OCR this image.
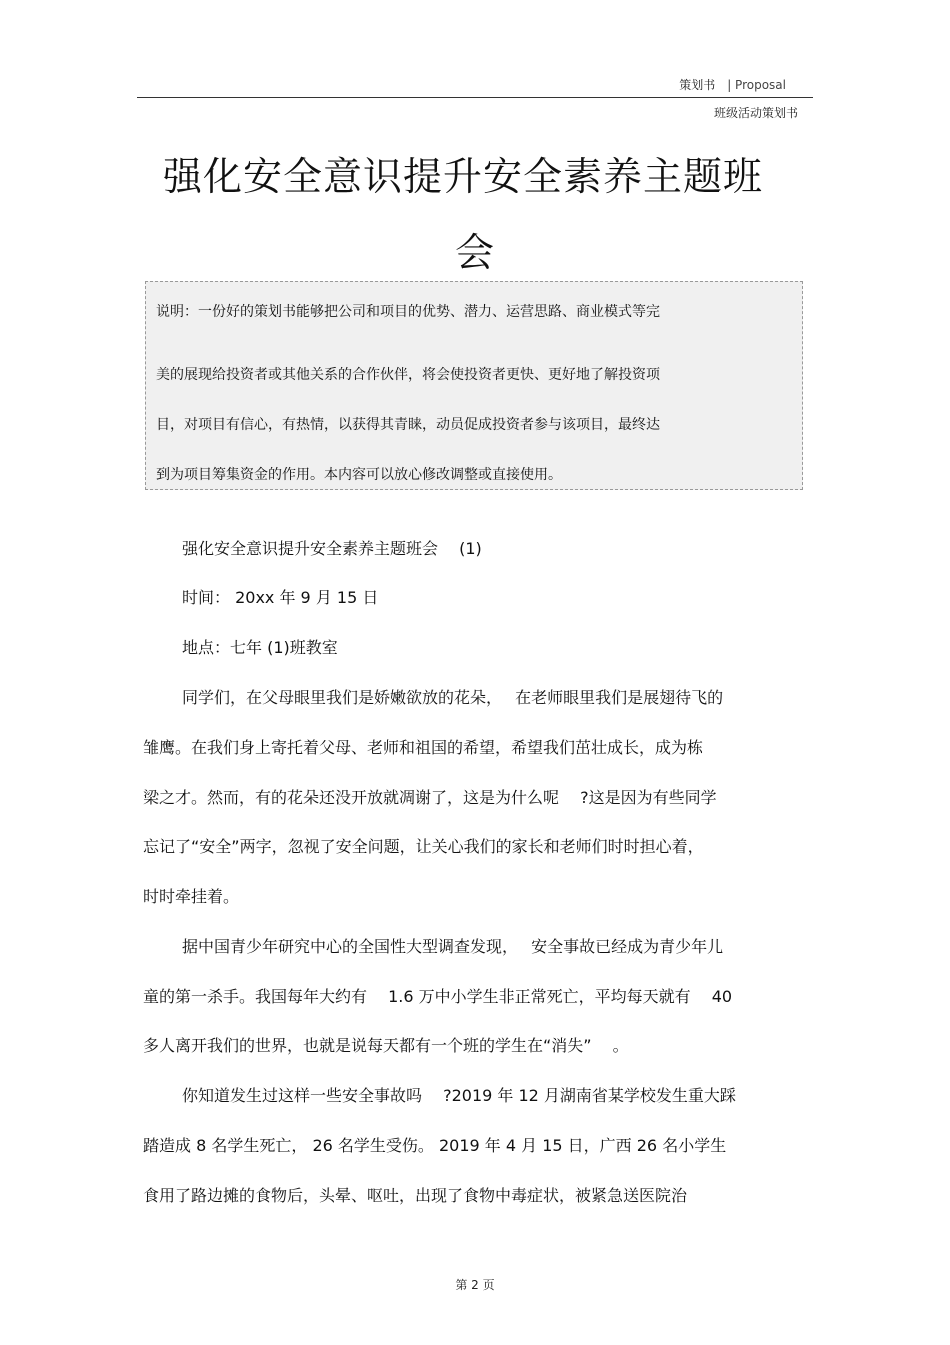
策划书 | Proposal
班级活动策划书
强化安全意识提升安全素养主题班
会

说明：一份好的策划书能够把公司和项目的优势、潜力、运营思路、商业模式等完

美的展现给投资者或其他关系的合作伙伴，将会使投资者更快、更好地了解投资项

目，对项目有信心，有热情，以获得其青睐，动员促成投资者参与该项目，最终达

到为项目筹集资金的作用。本内容可以放心修改调整或直接使用。

强化安全意识提升安全素养主题班会　 (1)
时间： 20xx 年 9 月 15 日
地点：七年 (1)班教室
同学们，在父母眼里我们是娇嫩欲放的花朵，　 在老师眼里我们是展翅待飞的
雏鹰。在我们身上寄托着父母、老师和祖国的希望，希望我们茁壮成长，成为栋
梁之才。然而，有的花朵还没开放就凋谢了，这是为什么呢　 ?这是因为有些同学
忘记了“安全”两字，忽视了安全问题，让关心我们的家长和老师们时时担心着，
时时牵挂着。
据中国青少年研究中心的全国性大型调查发现，　 安全事故已经成为青少年儿
童的第一杀手。我国每年大约有　 1.6 万中小学生非正常死亡，平均每天就有　 40
多人离开我们的世界，也就是说每天都有一个班的学生在“消失”　 。
你知道发生过这样一些安全事故吗　 ?2019 年 12 月湖南省某学校发生重大踩
踏造成 8 名学生死亡， 26 名学生受伤。 2019 年 4 月 15 日，广西 26 名小学生
食用了路边摊的食物后，头晕、呕吐，出现了食物中毒症状，被紧急送医院治
第 2 页
